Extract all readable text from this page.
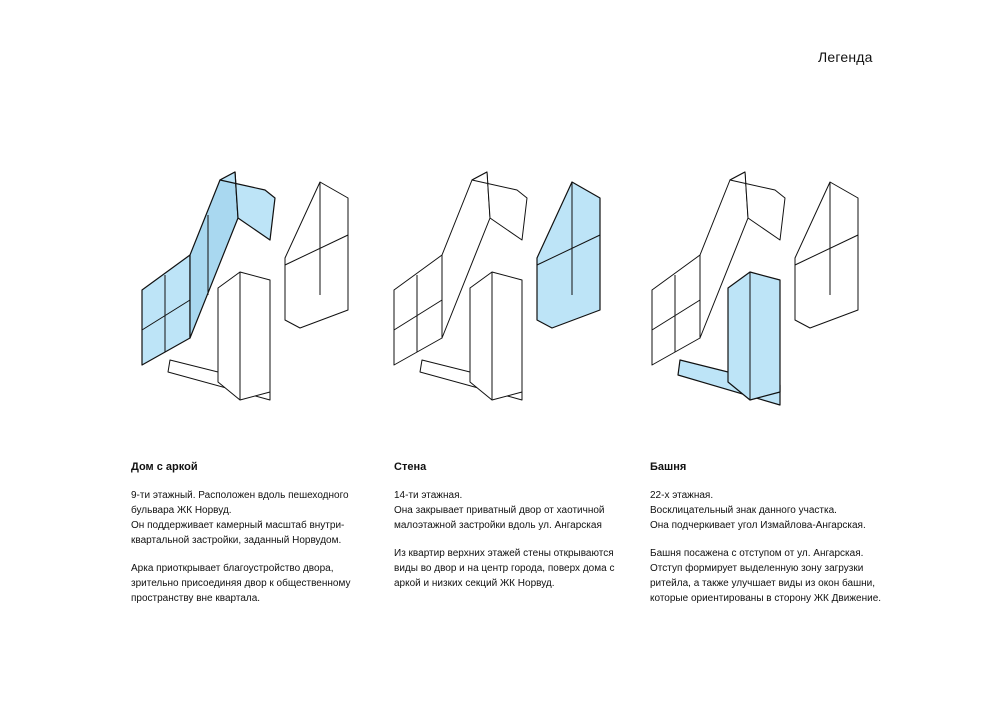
Легенда
Дом с аркой

9-ти этажный. Расположен вдоль пешеходного
бульвара ЖК Норвуд.
Он поддерживает камерный масштаб внутри-
квартальной застройки, заданный Норвудом.

Арка приоткрывает благоустройство двора,
зрительно присоединяя двор к общественному
пространству вне квартала.

Стена

14-ти этажная.
Она закрывает приватный двор от хаотичной
малоэтажной застройки вдоль ул. Ангарская

Из квартир верхних этажей стены открываются
виды во двор и на центр города, поверх дома с
аркой и низких секций ЖК Норвуд.

Башня

22-х этажная.
Восклицательный знак данного участка.
Она подчеркивает угол Измайлова-Ангарская.

Башня посажена с отступом от ул. Ангарская.
Отступ формирует выделенную зону загрузки
ритейла, а также улучшает виды из окон башни,
которые ориентированы в сторону ЖК Движение.
